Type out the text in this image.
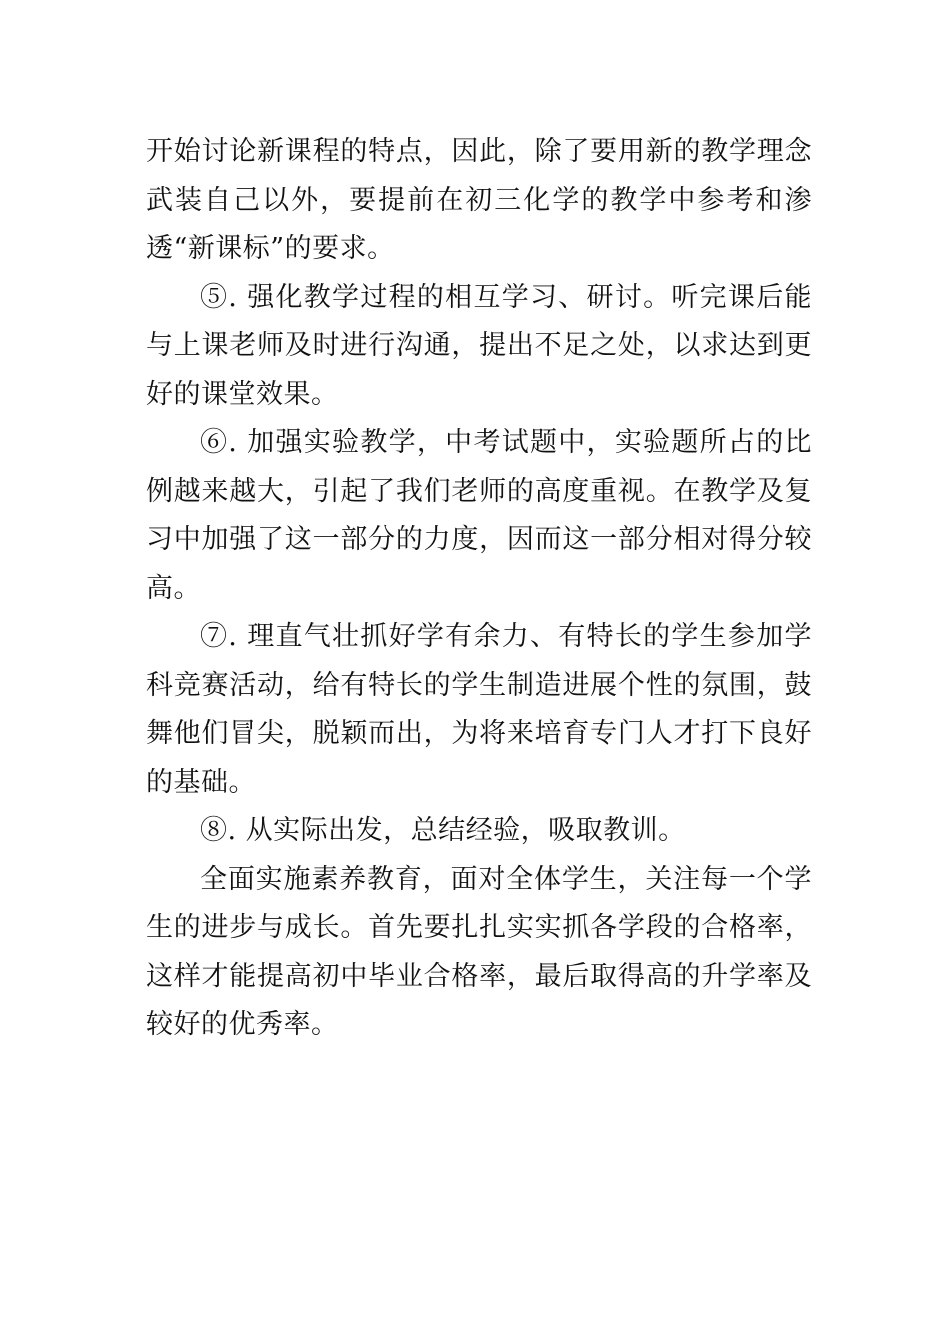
开始讨论新课程的特点，因此，除了要用新的教学理念武装自己以外，要提前在初三化学的教学中参考和渗透“新课标”的要求。

⑤. 强化教学过程的相互学习、研讨。听完课后能与上课老师及时进行沟通，提出不足之处，以求达到更好的课堂效果。

⑥. 加强实验教学，中考试题中，实验题所占的比例越来越大，引起了我们老师的高度重视。在教学及复习中加强了这一部分的力度，因而这一部分相对得分较高。

⑦. 理直气壮抓好学有余力、有特长的学生参加学科竞赛活动，给有特长的学生制造进展个性的氛围，鼓舞他们冒尖，脱颖而出，为将来培育专门人才打下良好的基础。

⑧. 从实际出发，总结经验，吸取教训。

全面实施素养教育，面对全体学生，关注每一个学生的进步与成长。首先要扎扎实实抓各学段的合格率，这样才能提高初中毕业合格率，最后取得高的升学率及较好的优秀率。
